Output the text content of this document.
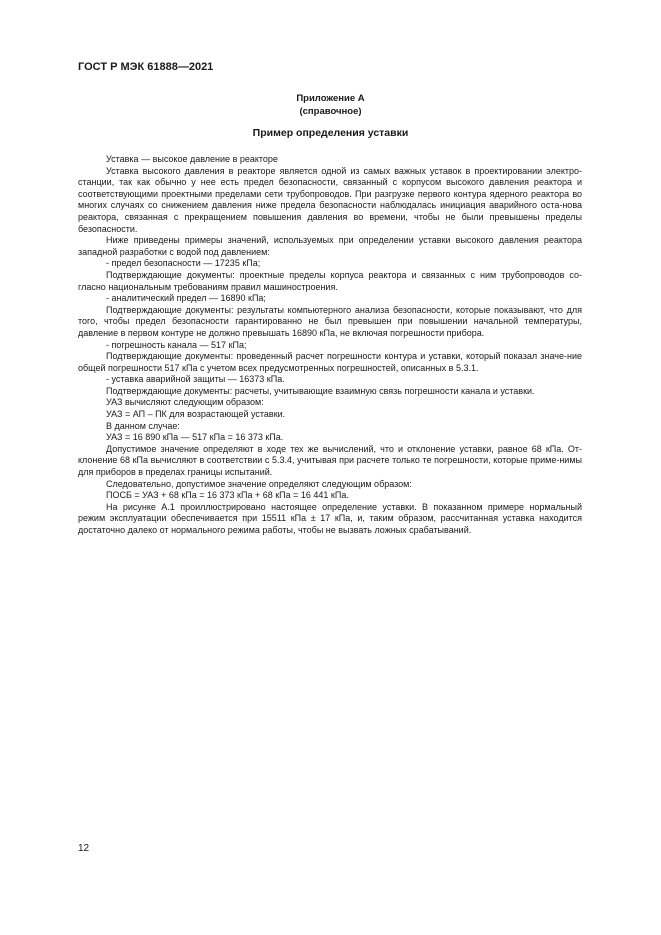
ГОСТ Р МЭК 61888—2021
Приложение А
(справочное)
Пример определения уставки

Уставка — высокое давление в реакторе

Уставка высокого давления в реакторе является одной из самых важных уставок в проектировании электро-станции, так как обычно у нее есть предел безопасности, связанный с корпусом высокого давления реактора и соответствующими проектными пределами сети трубопроводов. При разгрузке первого контура ядерного реактора во многих случаях со снижением давления ниже предела безопасности наблюдалась инициация аварийного оста-нова реактора, связанная с прекращением повышения давления во времени, чтобы не были превышены пределы безопасности.

Ниже приведены примеры значений, используемых при определении уставки высокого давления реактора западной разработки с водой под давлением:

- предел безопасности — 17235 кПа;

Подтверждающие документы: проектные пределы корпуса реактора и связанных с ним трубопроводов со-гласно национальным требованиям правил машиностроения.

- аналитический предел — 16890 кПа;

Подтверждающие документы: результаты компьютерного анализа безопасности, которые показывают, что для того, чтобы предел безопасности гарантированно не был превышен при повышении начальной температуры, давление в первом контуре не должно превышать 16890 кПа, не включая погрешности прибора.

- погрешность канала — 517 кПа;

Подтверждающие документы: проведенный расчет погрешности контура и уставки, который показал значе-ние общей погрешности 517 кПа с учетом всех предусмотренных погрешностей, описанных в 5.3.1.

- уставка аварийной защиты — 16373 кПа.

Подтверждающие документы: расчеты, учитывающие взаимную связь погрешности канала и уставки.

УАЗ вычисляют следующим образом:

УАЗ = АП – ПК для возрастающей уставки.

В данном случае:

УАЗ = 16 890 кПа — 517 кПа = 16 373 кПа.

Допустимое значение определяют в ходе тех же вычислений, что и отклонение уставки, равное 68 кПа. От-клонение 68 кПа вычисляют в соответствии с 5.3.4, учитывая при расчете только те погрешности, которые приме-нимы для приборов в пределах границы испытаний.

Следовательно, допустимое значение определяют следующим образом:

ПОСБ = УАЗ + 68 кПа = 16 373 кПа + 68 кПа = 16 441 кПа.

На рисунке А.1 проиллюстрировано настоящее определение уставки. В показанном примере нормальный режим эксплуатации обеспечивается при 15511 кПа ± 17 кПа, и, таким образом, рассчитанная уставка находится достаточно далеко от нормального режима работы, чтобы не вызвать ложных срабатываний.

12
